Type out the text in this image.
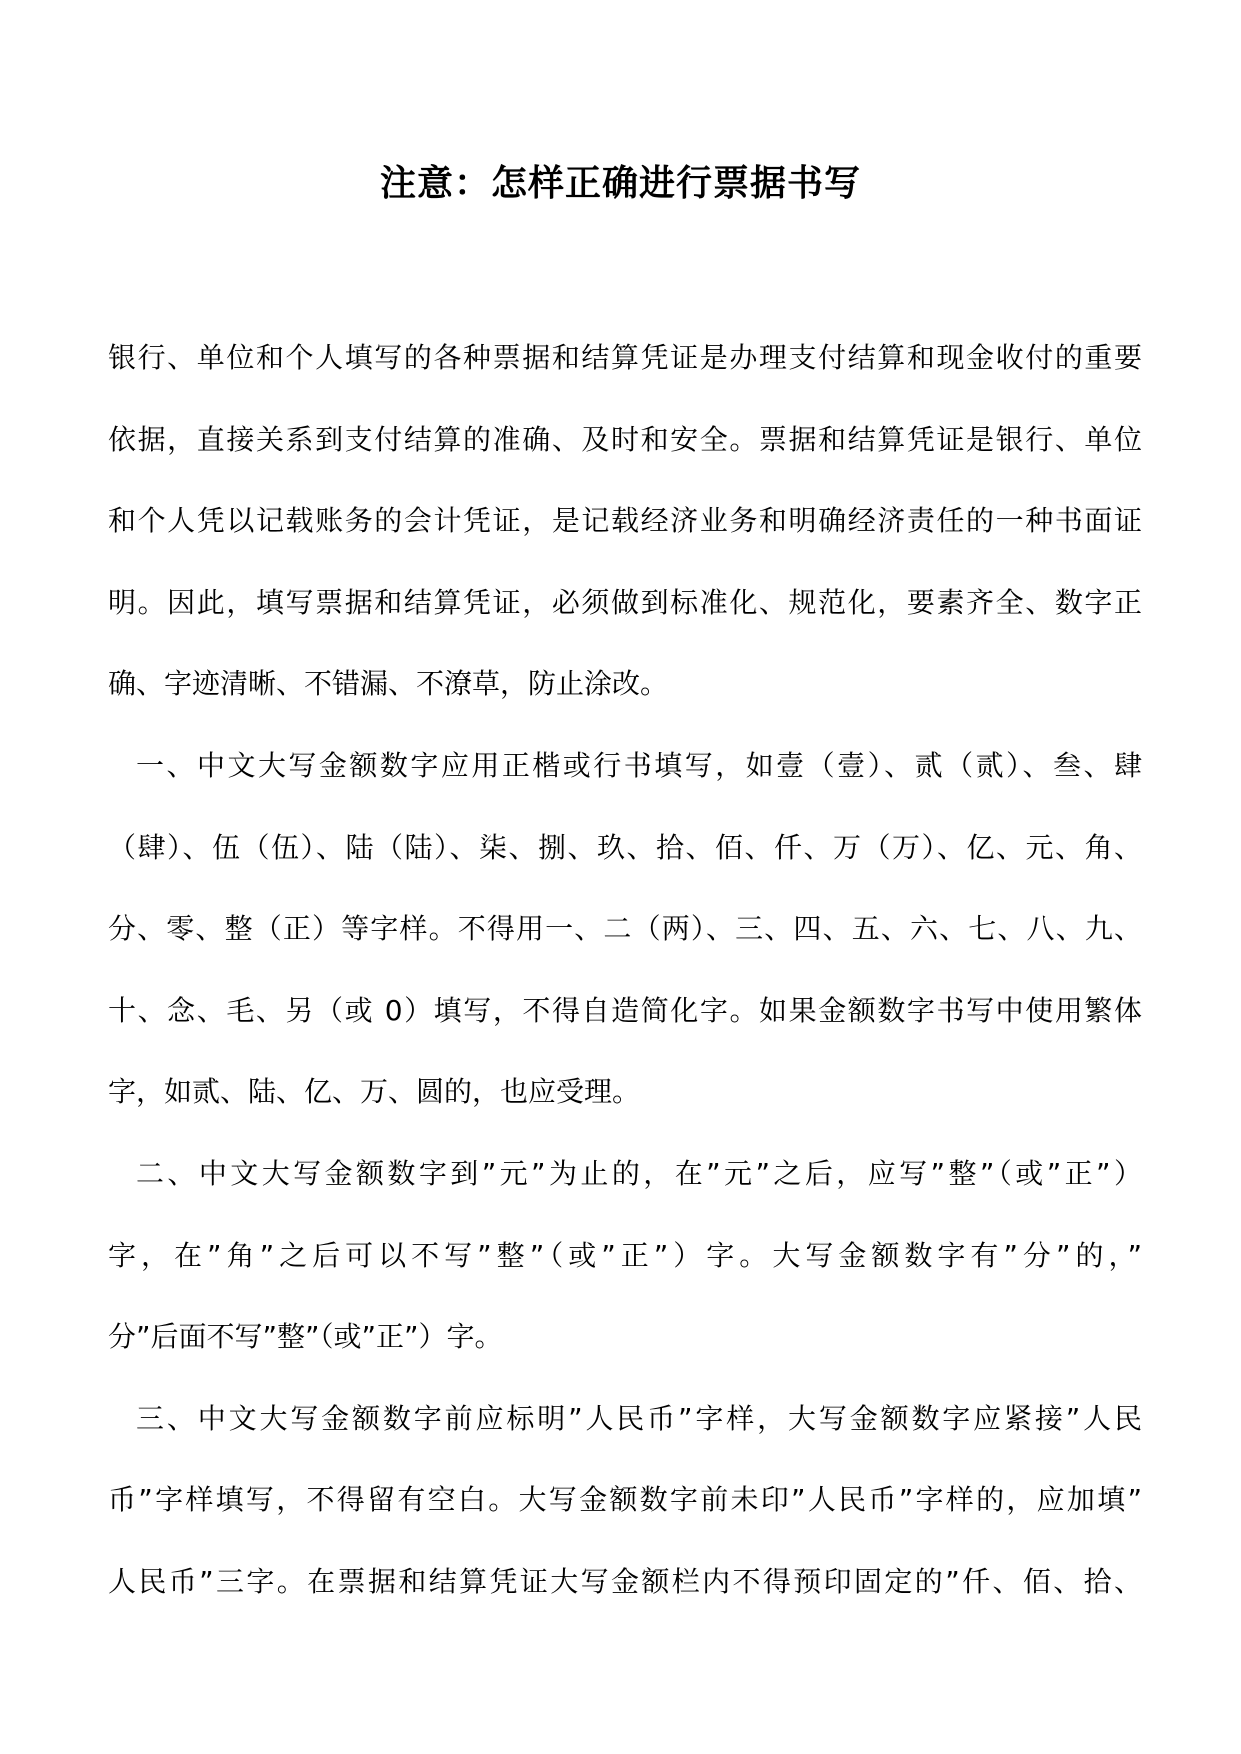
注意：怎样正确进行票据书写
银行、单位和个人填写的各种票据和结算凭证是办理支付结算和现金收付的重要
依据，直接关系到支付结算的准确、及时和安全。票据和结算凭证是银行、单位
和个人凭以记载账务的会计凭证，是记载经济业务和明确经济责任的一种书面证
明。因此，填写票据和结算凭证，必须做到标准化、规范化，要素齐全、数字正
确、字迹清晰、不错漏、不潦草，防止涂改。
一、中文大写金额数字应用正楷或行书填写，如壹（壹）、贰（贰）、叁、肆
（肆）、伍（伍）、陆（陆）、柒、捌、玖、拾、佰、仟、万（万）、亿、元、角、
分、零、整（正）等字样。不得用一、二（两）、三、四、五、六、七、八、九、
十、念、毛、另（或 0）填写，不得自造简化字。如果金额数字书写中使用繁体
字，如贰、陆、亿、万、圆的，也应受理。
二、中文大写金额数字到”元”为止的，在”元”之后，应写”整”（或”正”）
字，在”角”之后可以不写”整”（或”正”）字。大写金额数字有”分”的，”
分”后面不写”整”（或”正”）字。
三、中文大写金额数字前应标明”人民币”字样，大写金额数字应紧接”人民
币”字样填写，不得留有空白。大写金额数字前未印”人民币”字样的，应加填”
人民币”三字。在票据和结算凭证大写金额栏内不得预印固定的”仟、佰、拾、
